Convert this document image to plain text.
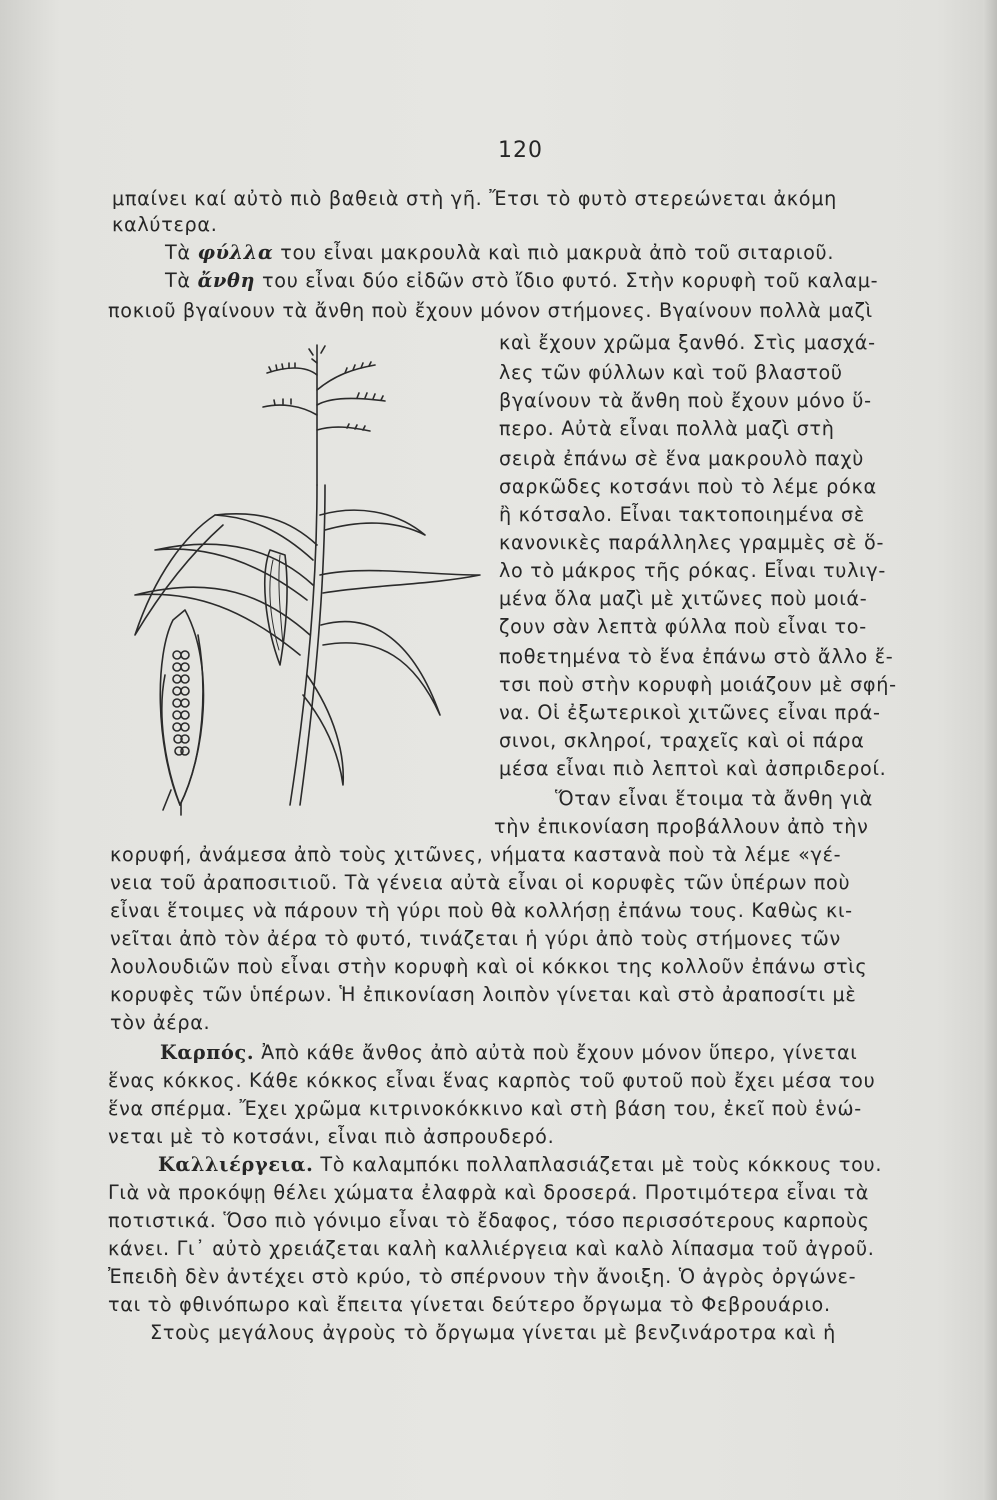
120
μπαίνει καί αὐτὸ πιὸ βαθειὰ στὴ γῆ. Ἔτσι τὸ φυτὸ στερεώνεται ἀκόμη
καλύτερα.
Τὰ φύλλα του εἶναι μακρουλὰ καὶ πιὸ μακρυὰ ἀπὸ τοῦ σιταριοῦ.
Τὰ ἄνθη του εἶναι δύο εἰδῶν στὸ ἴδιο φυτό. Στὴν κορυφὴ τοῦ καλαμ-
ποκιοῦ βγαίνουν τὰ ἄνθη ποὺ ἔχουν μόνον στήμονες. Βγαίνουν πολλὰ μαζὶ
καὶ ἔχουν χρῶμα ξανθό. Στὶς μασχά-
λες τῶν φύλλων καὶ τοῦ βλαστοῦ
βγαίνουν τὰ ἄνθη ποὺ ἔχουν μόνο ὕ-
περο. Αὐτὰ εἶναι πολλὰ μαζὶ στὴ
σειρὰ ἐπάνω σὲ ἕνα μακρουλὸ παχὺ
σαρκῶδες κοτσάνι ποὺ τὸ λέμε ρόκα
ἢ κότσαλο. Εἶναι τακτοποιημένα σὲ
κανονικὲς παράλληλες γραμμὲς σὲ ὅ-
λο τὸ μάκρος τῆς ρόκας. Εἶναι τυλιγ-
μένα ὅλα μαζὶ μὲ χιτῶνες ποὺ μοιά-
ζουν σὰν λεπτὰ φύλλα ποὺ εἶναι το-
ποθετημένα τὸ ἕνα ἐπάνω στὸ ἄλλο ἔ-
τσι ποὺ στὴν κορυφὴ μοιάζουν μὲ σφή-
να. Οἱ ἐξωτερικοὶ χιτῶνες εἶναι πρά-
σινοι, σκληροί, τραχεῖς καὶ οἱ πάρα
μέσα εἶναι πιὸ λεπτοὶ καὶ ἀσπριδεροί.
Ὅταν εἶναι ἕτοιμα τὰ ἄνθη γιὰ
τὴν ἐπικονίαση προβάλλουν ἀπὸ τὴν
κορυφή, ἀνάμεσα ἀπὸ τοὺς χιτῶνες, νήματα καστανὰ ποὺ τὰ λέμε «γέ-
νεια τοῦ ἀραποσιτιοῦ. Τὰ γένεια αὐτὰ εἶναι οἱ κορυφὲς τῶν ὑπέρων ποὺ
εἶναι ἕτοιμες νὰ πάρουν τὴ γύρι ποὺ θὰ κολλήσῃ ἐπάνω τους. Καθὼς κι-
νεῖται ἀπὸ τὸν ἀέρα τὸ φυτό, τινάζεται ἡ γύρι ἀπὸ τοὺς στήμονες τῶν
λουλουδιῶν ποὺ εἶναι στὴν κορυφὴ καὶ οἱ κόκκοι της κολλοῦν ἐπάνω στὶς
κορυφὲς τῶν ὑπέρων. Ἡ ἐπικονίαση λοιπὸν γίνεται καὶ στὸ ἀραποσίτι μὲ
τὸν ἀέρα.
Καρπός. Ἀπὸ κάθε ἄνθος ἀπὸ αὐτὰ ποὺ ἔχουν μόνον ὕπερο, γίνεται
ἕνας κόκκος. Κάθε κόκκος εἶναι ἕνας καρπὸς τοῦ φυτοῦ ποὺ ἔχει μέσα του
ἕνα σπέρμα. Ἔχει χρῶμα κιτρινοκόκκινο καὶ στὴ βάση του, ἐκεῖ ποὺ ἑνώ-
νεται μὲ τὸ κοτσάνι, εἶναι πιὸ ἀσπρουδερό.
Καλλιέργεια. Τὸ καλαμπόκι πολλαπλασιάζεται μὲ τοὺς κόκκους του.
Γιὰ νὰ προκόψῃ θέλει χώματα ἐλαφρὰ καὶ δροσερά. Προτιμότερα εἶναι τὰ
ποτιστικά. Ὅσο πιὸ γόνιμο εἶναι τὸ ἔδαφος, τόσο περισσότερους καρποὺς
κάνει. Γι᾽ αὐτὸ χρειάζεται καλὴ καλλιέργεια καὶ καλὸ λίπασμα τοῦ ἀγροῦ.
Ἐπειδὴ δὲν ἀντέχει στὸ κρύο, τὸ σπέρνουν τὴν ἄνοιξη. Ὁ ἀγρὸς ὀργώνε-
ται τὸ φθινόπωρο καὶ ἔπειτα γίνεται δεύτερο ὄργωμα τὸ Φεβρουάριο.
Στοὺς μεγάλους ἀγροὺς τὸ ὄργωμα γίνεται μὲ βενζινάροτρα καὶ ἡ
